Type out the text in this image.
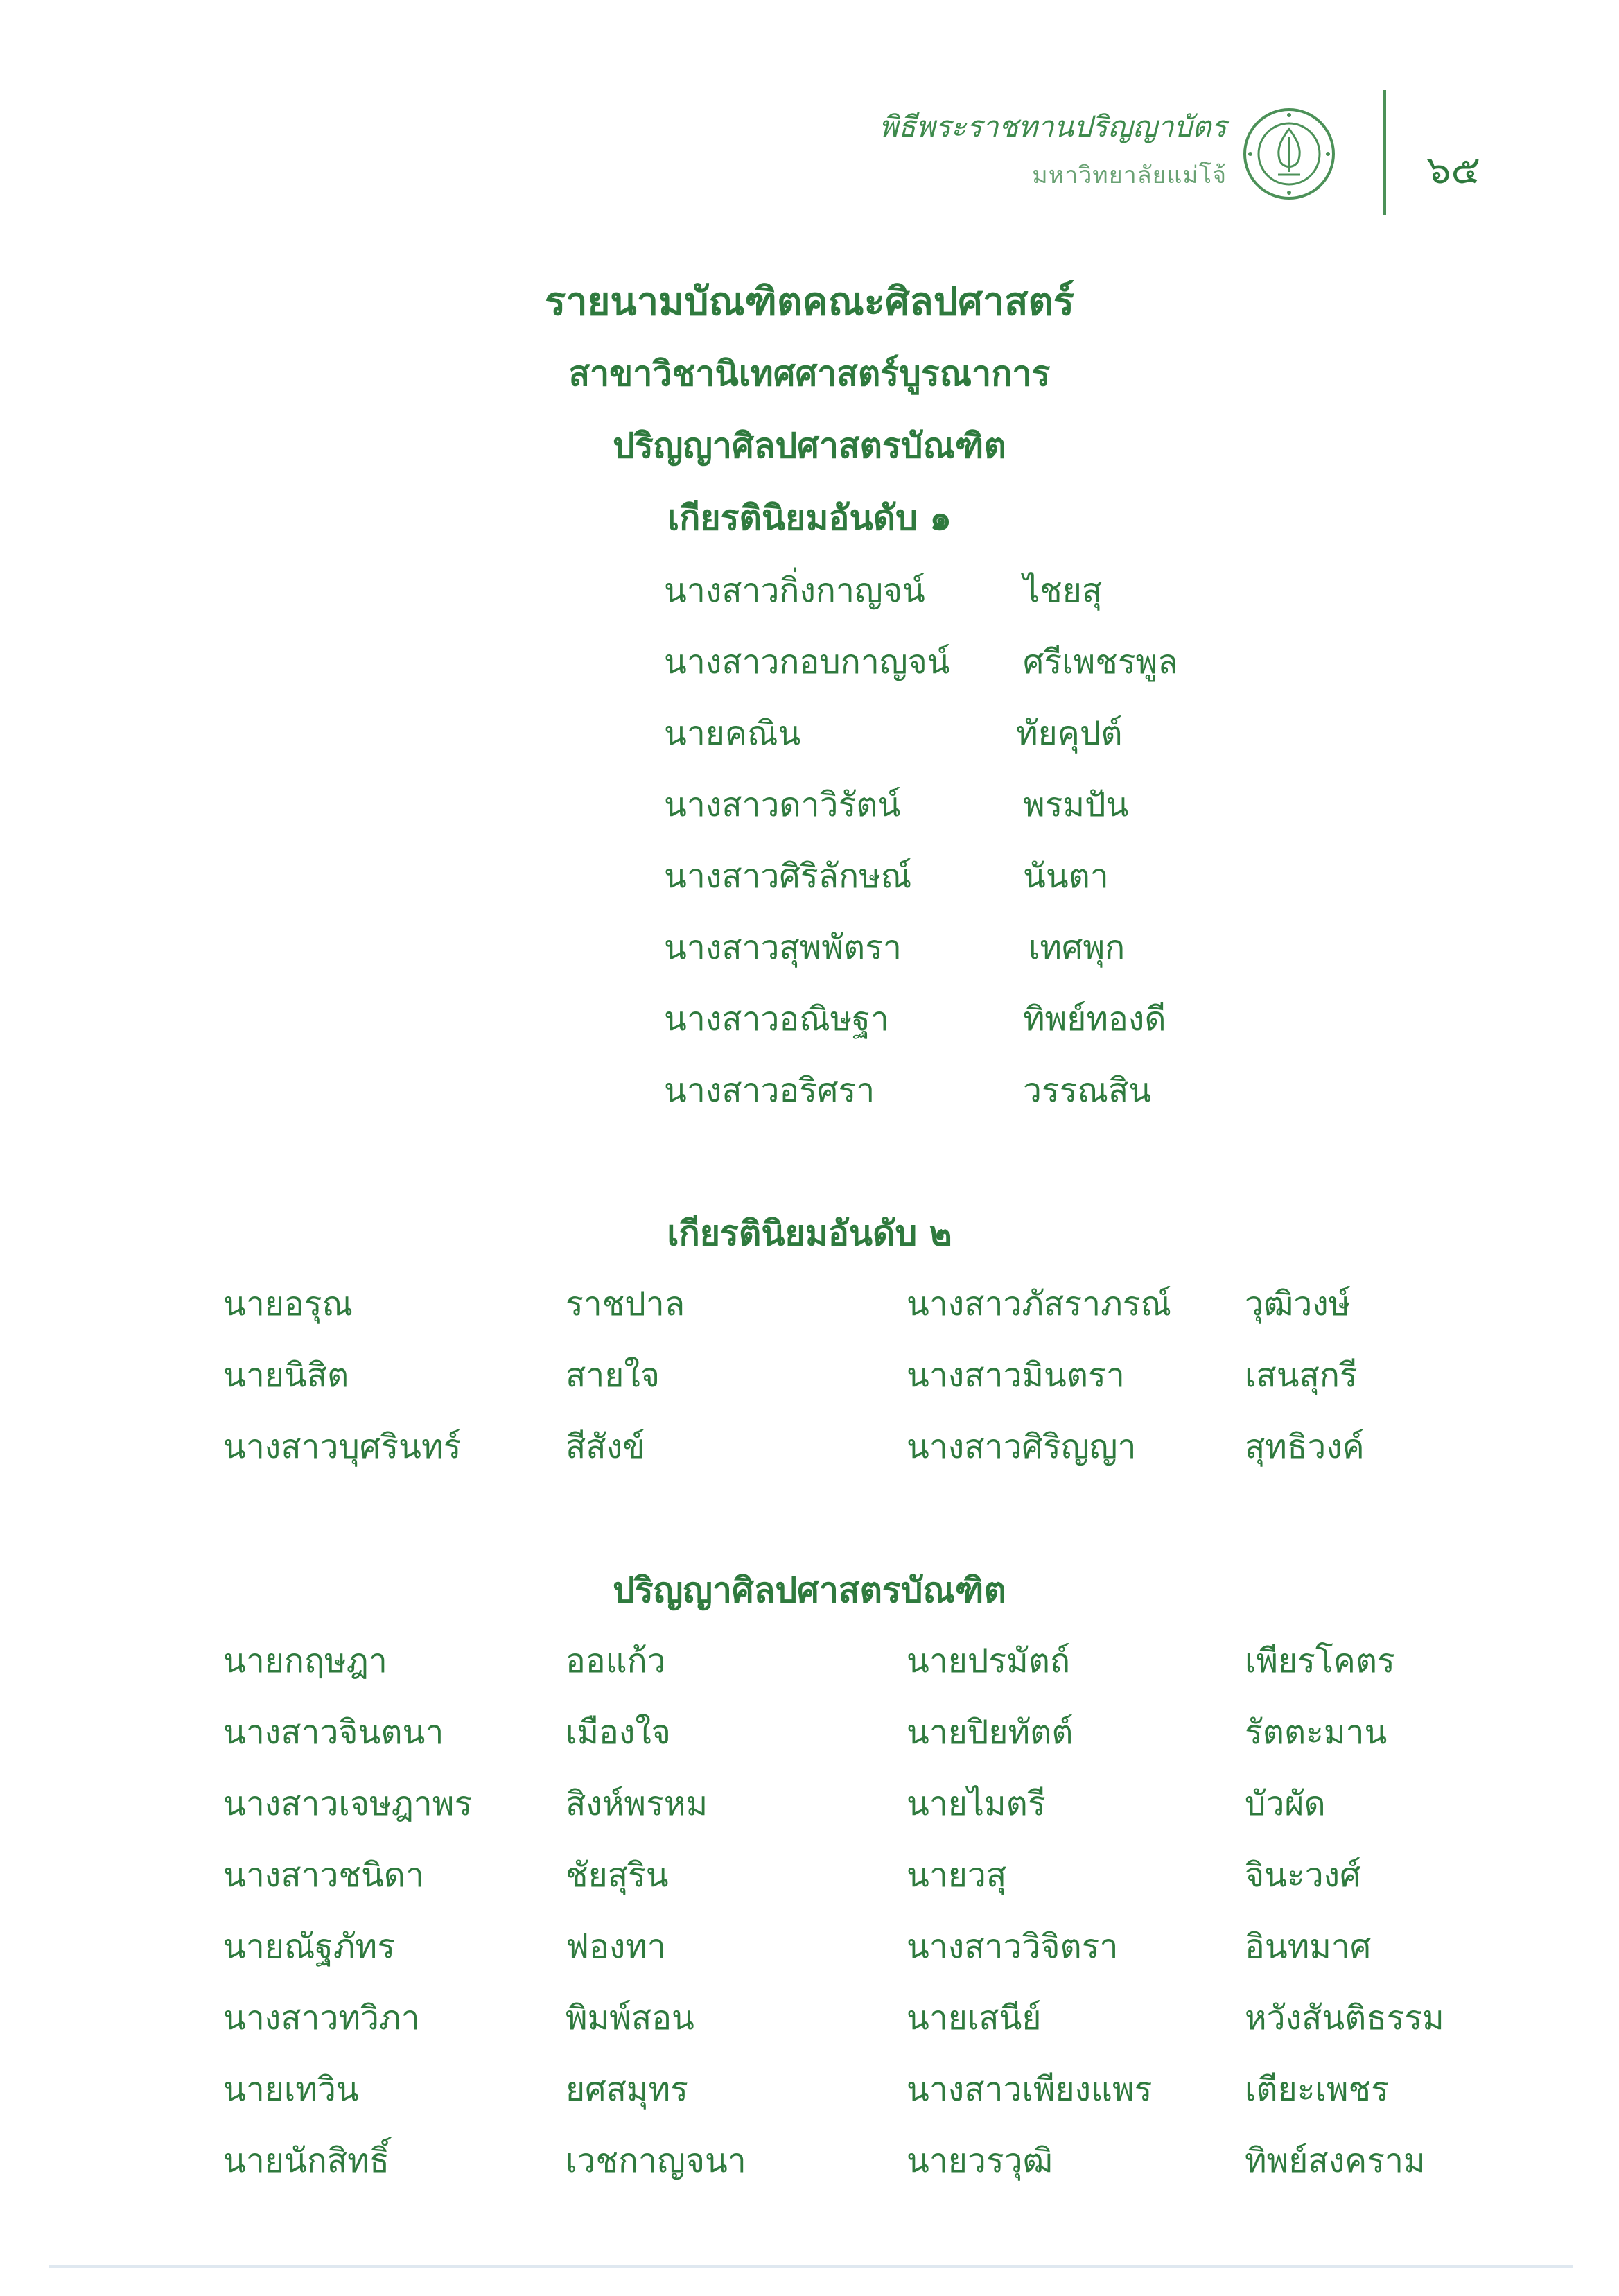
พิธีพระราชทานปริญญาบัตร
มหาวิทยาลัยแม่โจ้	๖๕
รายนามบัณฑิตคณะศิลปศาสตร์
สาขาวิชานิเทศศาสตร์บูรณาการ
ปริญญาศิลปศาสตรบัณฑิต
เกียรตินิยมอันดับ ๑
นางสาวกิ่งกาญจน์	ไชยสุ
นางสาวกอบกาญจน์ ศรีเพชรพูล
นายคณิน	ทัยคุปต์
นางสาวดาวิรัตน์	พรมปัน
นางสาวศิริลักษณ์	นันตา
นางสาวสุพพัตรา	เทศพุก
นางสาวอณิษฐา	ทิพย์ทองดี
นางสาวอริศรา	วรรณสิน
เกียรตินิยมอันดับ ๒
นายอรุณ	ราชปาล	นางสาวภัสราภรณ์ วุฒิวงษ์
นายนิสิต	สายใจ	นางสาวมินตรา	เสนสุกรี
นางสาวบุศรินทร์	สีสังข์	นางสาวศิริญญา	สุทธิวงค์
ปริญญาศิลปศาสตรบัณฑิต
นายกฤษฎา	ออแก้ว	นายปรมัตถ์	เพียรโคตร
นางสาวจินตนา	เมืองใจ	นายปิยทัตต์	รัตตะมาน
นางสาวเจษฎาพร	สิงห์พรหม	นายไมตรี	บัวผัด
นางสาวชนิดา	ชัยสุริน	นายวสุ	จินะวงศ์
นายณัฐภัทร	ฟองทา	นางสาววิจิตรา	อินทมาศ
นางสาวทวิภา	พิมพ์สอน	นายเสนีย์	หวังสันติธรรม
นายเทวิน	ยศสมุทร	นางสาวเพียงแพร	เตียะเพชร
นายนักสิทธิ์	เวชกาญจนา	นายวรวุฒิ	ทิพย์สงคราม
